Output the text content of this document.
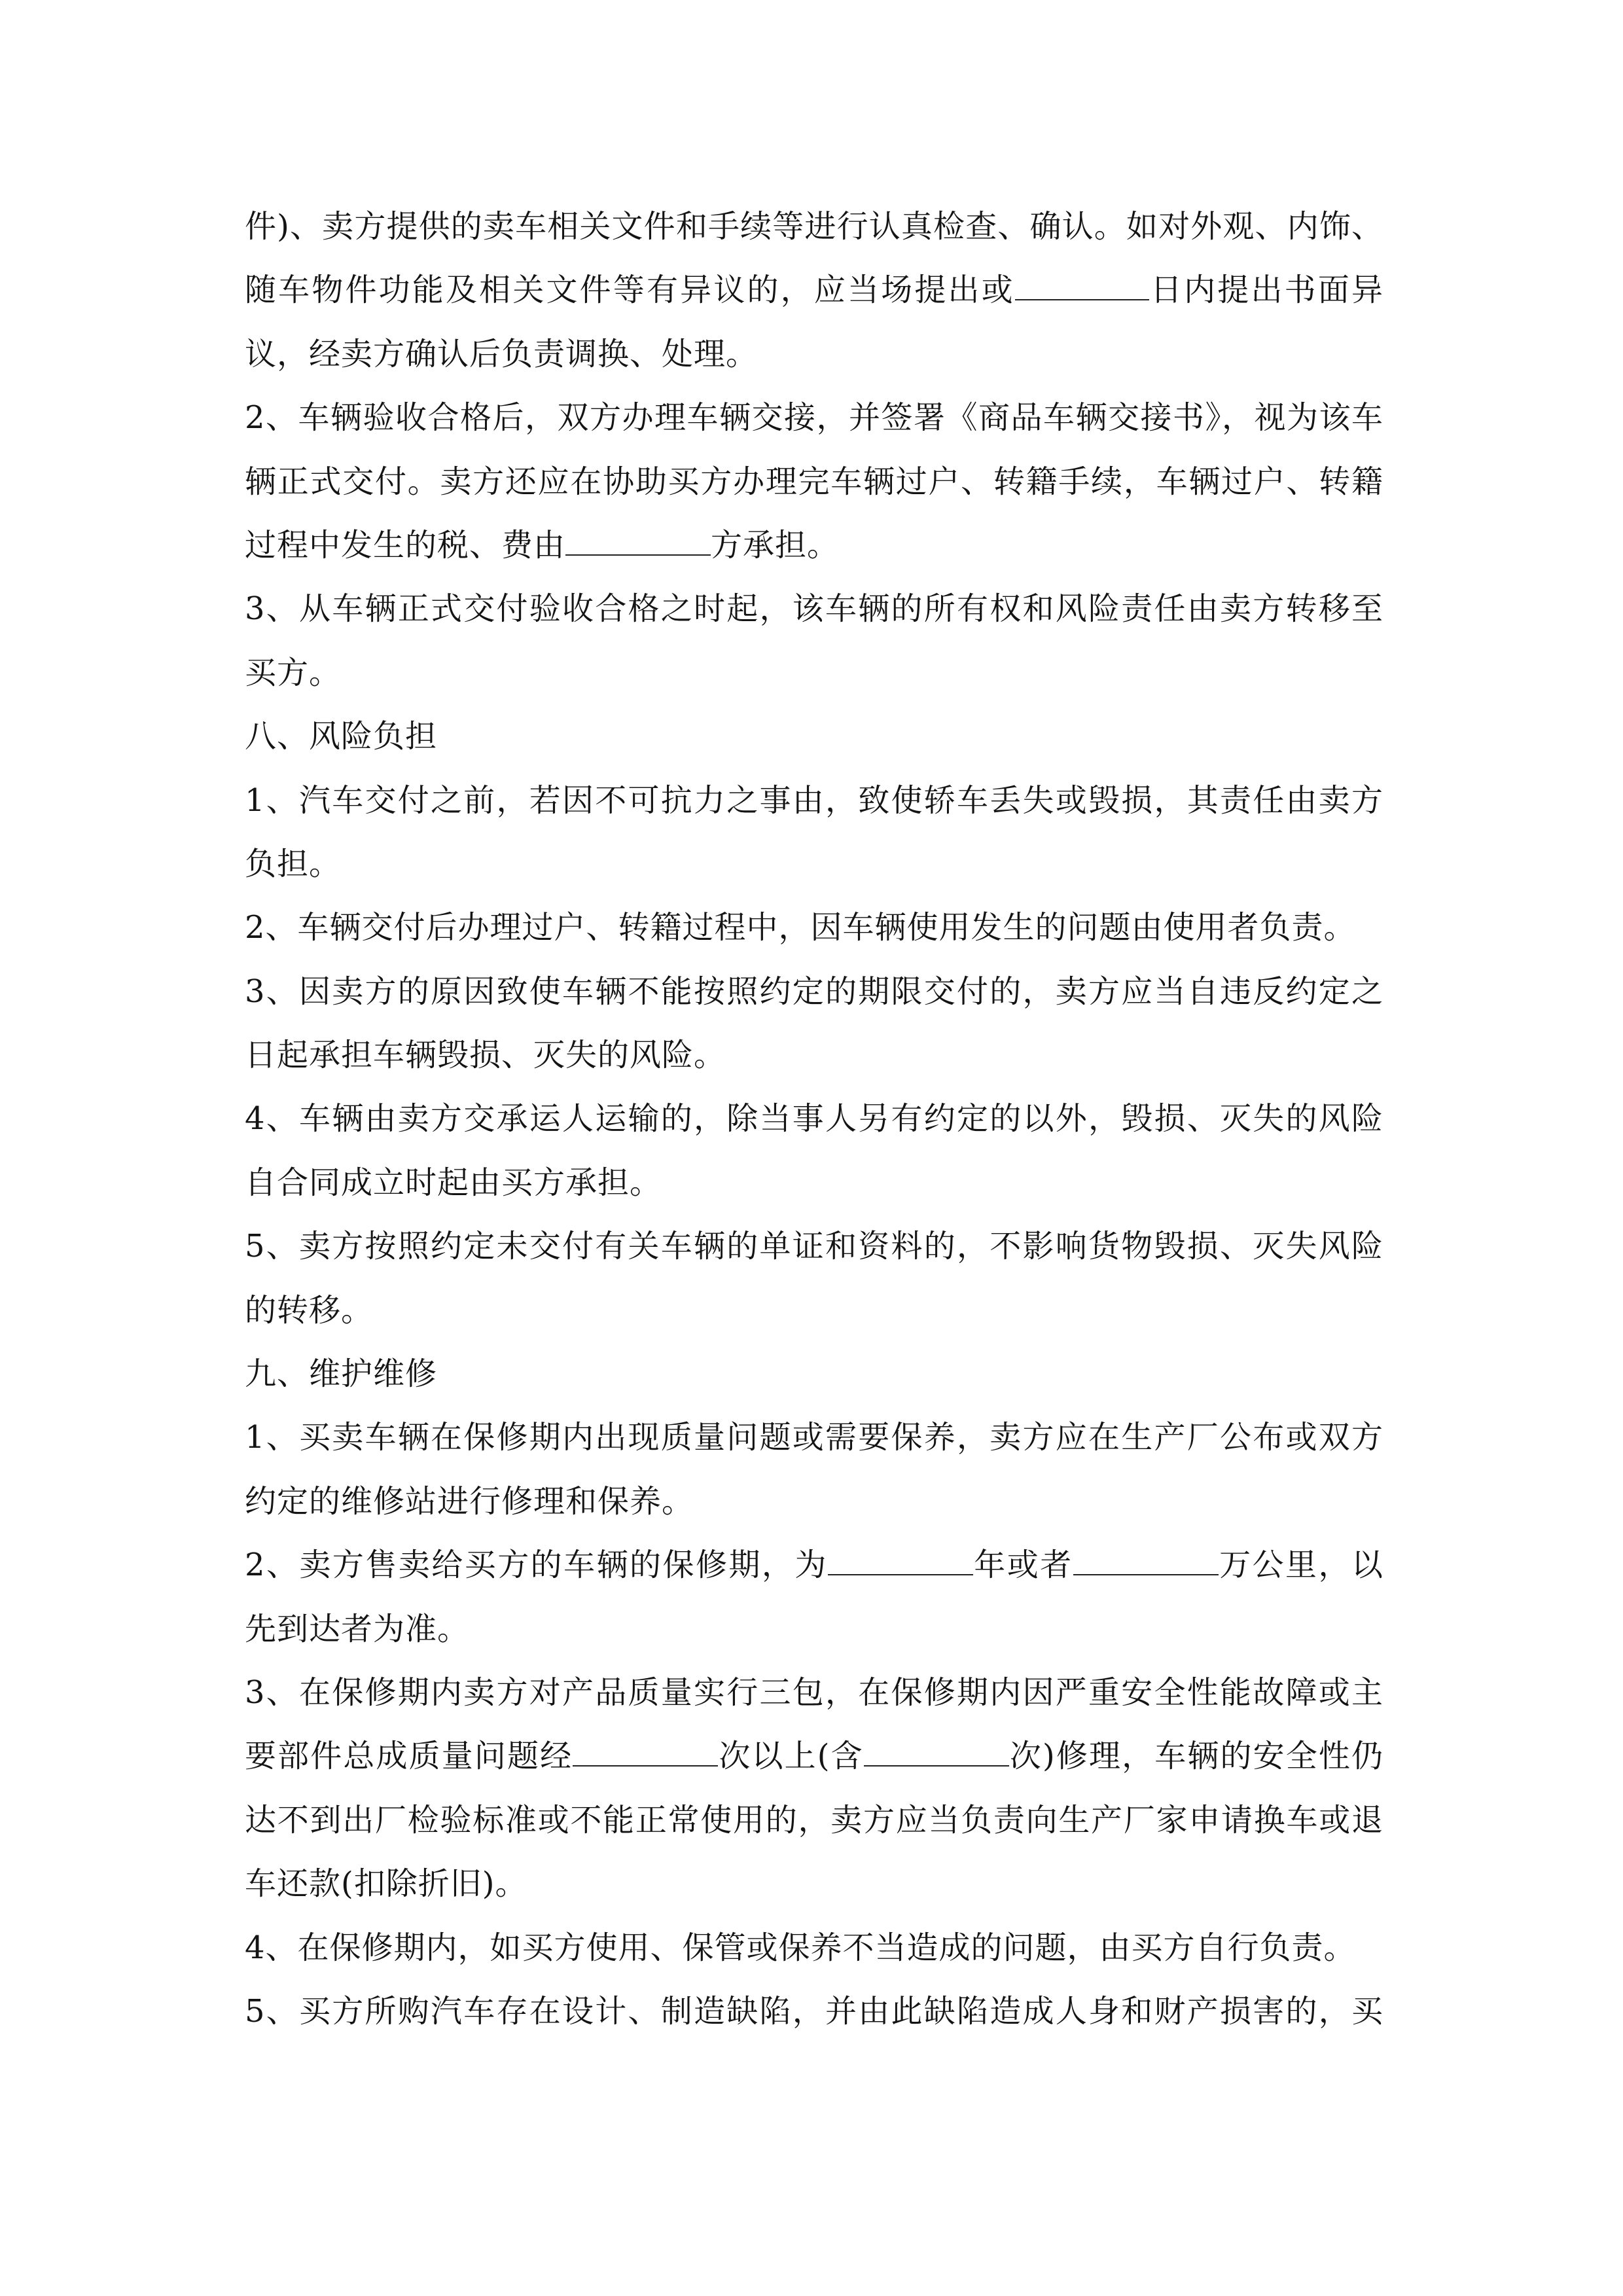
件)、卖方提供的卖车相关文件和手续等进行认真检查、确认。如对外观、内饰、
随车物件功能及相关文件等有异议的，应当场提出或	日内提出书面异
议，经卖方确认后负责调换、处理。
2、车辆验收合格后，双方办理车辆交接，并签署《商品车辆交接书》，视为该车
辆正式交付。卖方还应在协助买方办理完车辆过户、转籍手续，车辆过户、转籍
过程中发生的税、费由	方承担。
3、从车辆正式交付验收合格之时起，该车辆的所有权和风险责任由卖方转移至
买方。
八、风险负担
1、汽车交付之前，若因不可抗力之事由，致使轿车丢失或毁损，其责任由卖方
负担。
2、车辆交付后办理过户、转籍过程中，因车辆使用发生的问题由使用者负责。
3、因卖方的原因致使车辆不能按照约定的期限交付的，卖方应当自违反约定之
日起承担车辆毁损、灭失的风险。
4、车辆由卖方交承运人运输的，除当事人另有约定的以外，毁损、灭失的风险
自合同成立时起由买方承担。
5、卖方按照约定未交付有关车辆的单证和资料的，不影响货物毁损、灭失风险
的转移。
九、维护维修
1、买卖车辆在保修期内出现质量问题或需要保养，卖方应在生产厂公布或双方
约定的维修站进行修理和保养。
2、卖方售卖给买方的车辆的保修期，为	年或者	万公里，以
先到达者为准。
3、在保修期内卖方对产品质量实行三包，在保修期内因严重安全性能故障或主
要部件总成质量问题经	次以上(含	次)修理，车辆的安全性仍
达不到出厂检验标准或不能正常使用的，卖方应当负责向生产厂家申请换车或退
车还款(扣除折旧)。
4、在保修期内，如买方使用、保管或保养不当造成的问题，由买方自行负责。
5、买方所购汽车存在设计、制造缺陷，并由此缺陷造成人身和财产损害的，买
